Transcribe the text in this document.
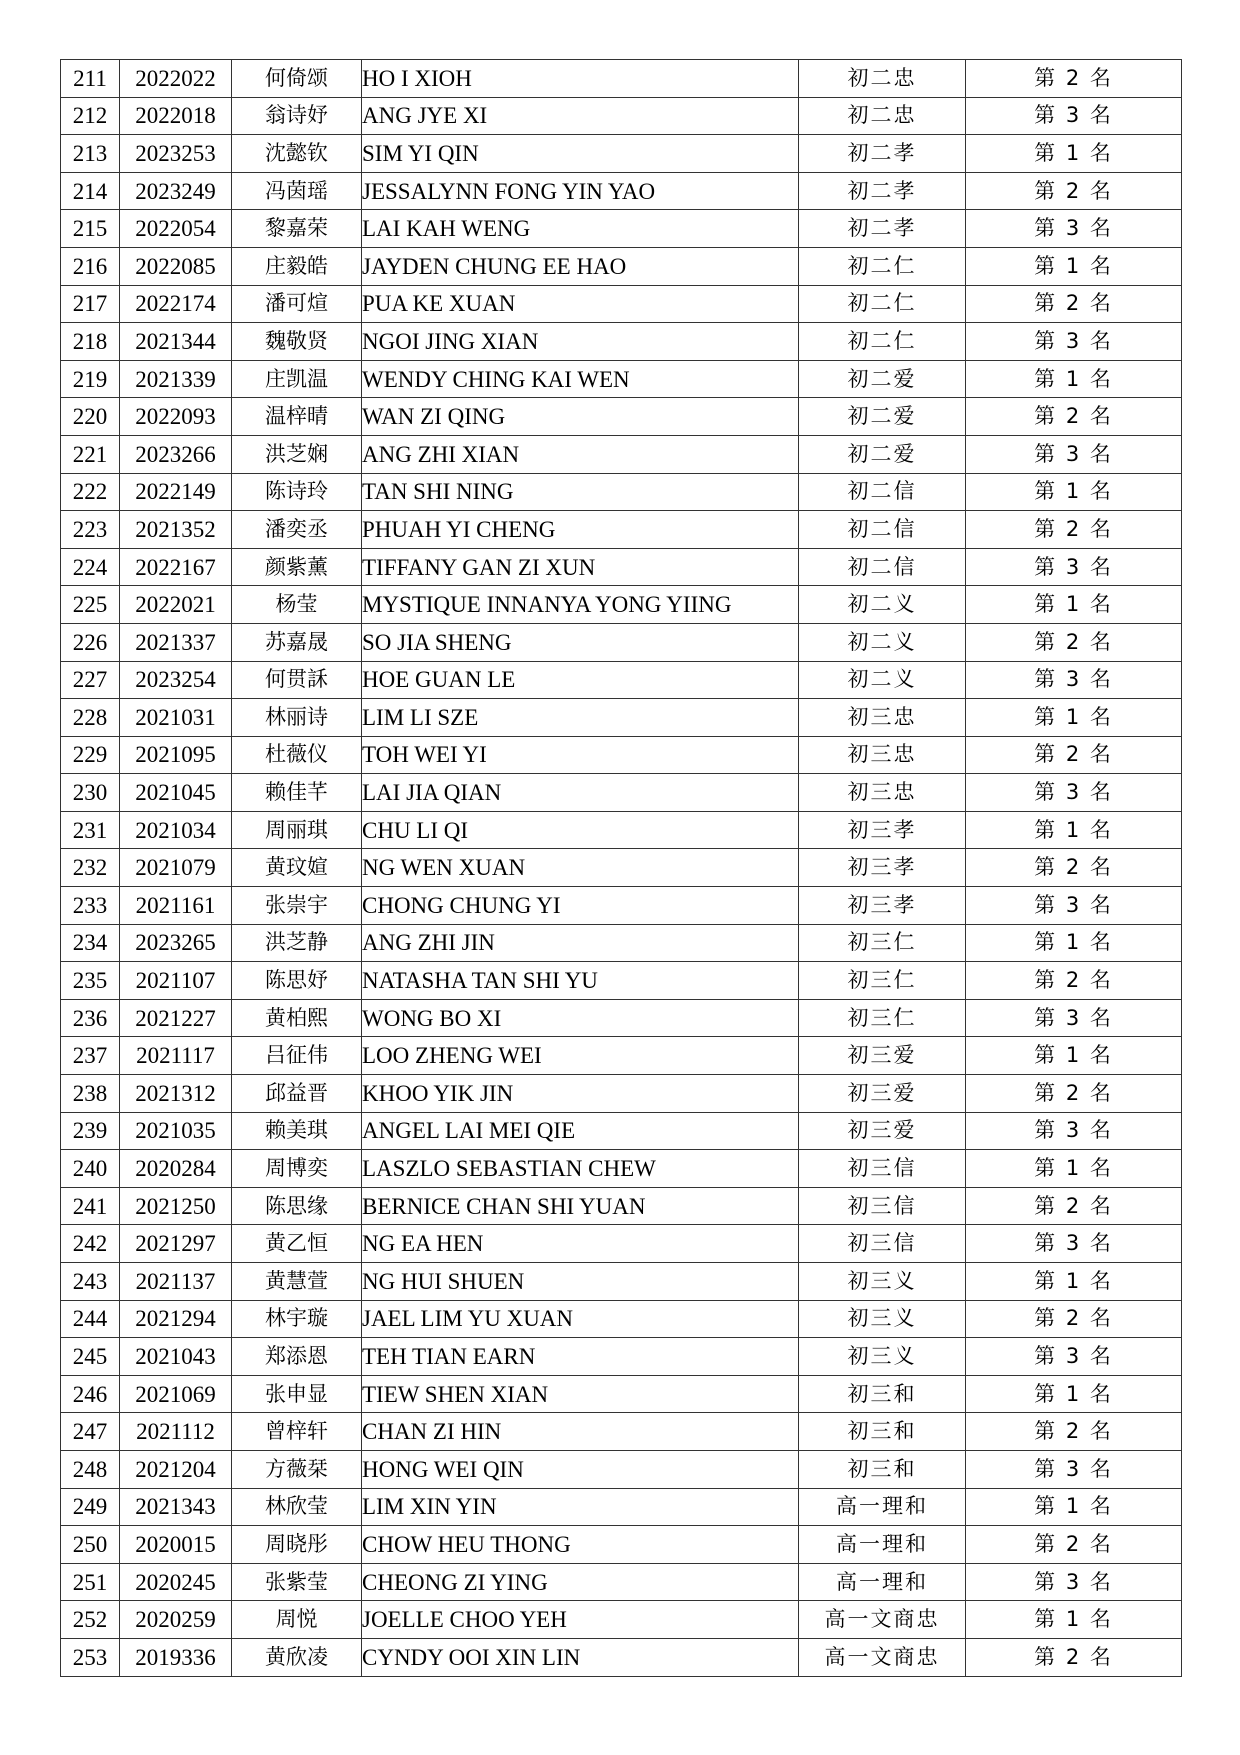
211	2022022	何倚颂	HO I XIOH	初二忠	第 2 名
212	2022018	翁诗妤	ANG JYE XI	初二忠	第 3 名
213	2023253	沈懿钦	SIM YI QIN	初二孝	第 1 名
214	2023249	冯茵瑶	JESSALYNN FONG YIN YAO	初二孝	第 2 名
215	2022054	黎嘉荣	LAI KAH WENG	初二孝	第 3 名
216	2022085	庄毅皓	JAYDEN CHUNG EE HAO	初二仁	第 1 名
217	2022174	潘可煊	PUA KE XUAN	初二仁	第 2 名
218	2021344	魏敬贤	NGOI JING XIAN	初二仁	第 3 名
219	2021339	庄凯温	WENDY CHING KAI WEN	初二爱	第 1 名
220	2022093	温梓晴	WAN ZI QING	初二爱	第 2 名
221	2023266	洪芝娴	ANG ZHI XIAN	初二爱	第 3 名
222	2022149	陈诗玲	TAN SHI NING	初二信	第 1 名
223	2021352	潘奕丞	PHUAH YI CHENG	初二信	第 2 名
224	2022167	颜紫薰	TIFFANY GAN ZI XUN	初二信	第 3 名
225	2022021	杨莹	MYSTIQUE INNANYA YONG YIING	初二义	第 1 名
226	2021337	苏嘉晟	SO JIA SHENG	初二义	第 2 名
227	2023254	何贯訸	HOE GUAN LE	初二义	第 3 名
228	2021031	林丽诗	LIM LI SZE	初三忠	第 1 名
229	2021095	杜薇仪	TOH WEI YI	初三忠	第 2 名
230	2021045	赖佳芊	LAI JIA QIAN	初三忠	第 3 名
231	2021034	周丽琪	CHU LI QI	初三孝	第 1 名
232	2021079	黄玟媗	NG WEN XUAN	初三孝	第 2 名
233	2021161	张崇宇	CHONG CHUNG YI	初三孝	第 3 名
234	2023265	洪芝静	ANG ZHI JIN	初三仁	第 1 名
235	2021107	陈思妤	NATASHA TAN SHI YU	初三仁	第 2 名
236	2021227	黄柏熙	WONG BO XI	初三仁	第 3 名
237	2021117	吕征伟	LOO ZHENG WEI	初三爱	第 1 名
238	2021312	邱益晋	KHOO YIK JIN	初三爱	第 2 名
239	2021035	赖美琪	ANGEL LAI MEI QIE	初三爱	第 3 名
240	2020284	周博奕	LASZLO SEBASTIAN CHEW	初三信	第 1 名
241	2021250	陈思缘	BERNICE CHAN SHI YUAN	初三信	第 2 名
242	2021297	黄乙恒	NG EA HEN	初三信	第 3 名
243	2021137	黄慧萱	NG HUI SHUEN	初三义	第 1 名
244	2021294	林宇璇	JAEL LIM YU XUAN	初三义	第 2 名
245	2021043	郑添恩	TEH TIAN EARN	初三义	第 3 名
246	2021069	张申显	TIEW SHEN XIAN	初三和	第 1 名
247	2021112	曾梓轩	CHAN ZI HIN	初三和	第 2 名
248	2021204	方薇栞	HONG WEI QIN	初三和	第 3 名
249	2021343	林欣莹	LIM XIN YIN	高一理和	第 1 名
250	2020015	周晓彤	CHOW HEU THONG	高一理和	第 2 名
251	2020245	张紫莹	CHEONG ZI YING	高一理和	第 3 名
252	2020259	周悦	JOELLE CHOO YEH	高一文商忠	第 1 名
253	2019336	黄欣凌	CYNDY OOI XIN LIN	高一文商忠	第 2 名
